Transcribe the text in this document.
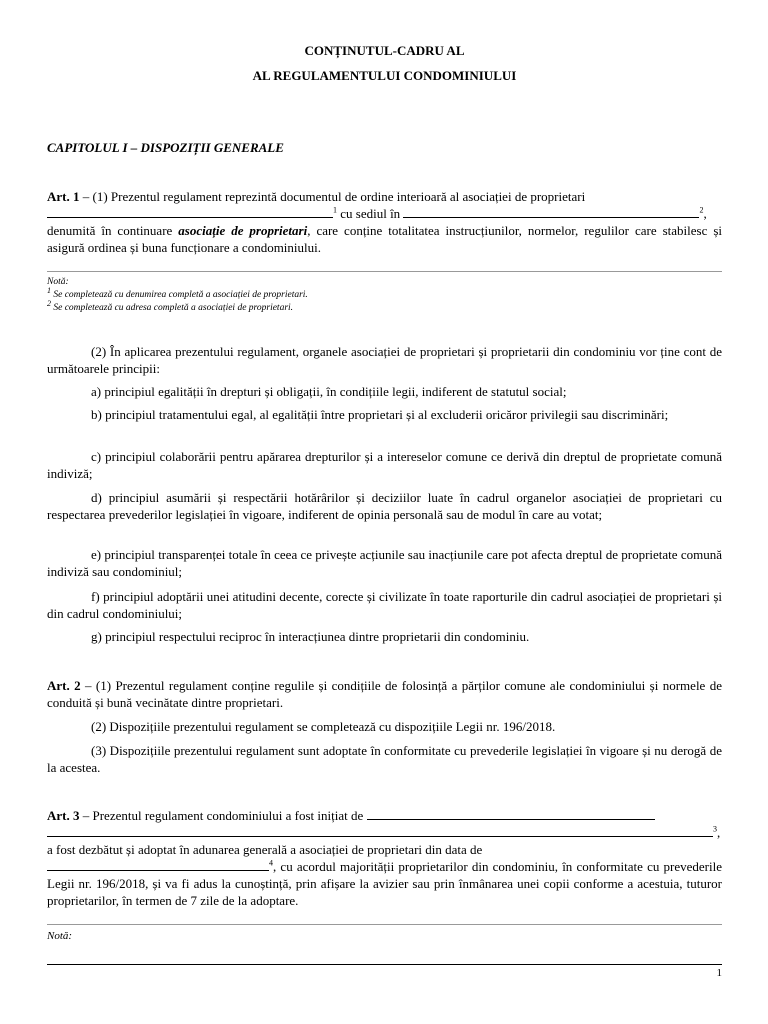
CONȚINUTUL-CADRU AL
AL REGULAMENTULUI CONDOMINIULUI
CAPITOLUL I – DISPOZIȚII GENERALE
Art. 1 – (1) Prezentul regulament reprezintă documentul de ordine interioară al asociației de proprietari
$^1$ cu sediul în	$^2$,
denumită în continuare asociație de proprietari, care conține totalitatea instrucțiunilor, normelor, regulilor care stabilesc și asigură ordinea și buna funcționare a condominiului.
Notă:
$^1$ Se completează cu denumirea completă a asociației de proprietari.
$^2$ Se completează cu adresa completă a asociației de proprietari.
(2) În aplicarea prezentului regulament, organele asociației de proprietari și proprietarii din condominiu vor ține cont de următoarele principii:
a) principiul egalității în drepturi și obligații, în condițiile legii, indiferent de statutul social;
b) principiul tratamentului egal, al egalității între proprietari și al excluderii oricăror privilegii sau discriminări;
c) principiul colaborării pentru apărarea drepturilor și a intereselor comune ce derivă din dreptul de proprietate comună indiviză;
d) principiul asumării și respectării hotărârilor și deciziilor luate în cadrul organelor asociației de proprietari cu respectarea prevederilor legislației în vigoare, indiferent de opinia personală sau de modul în care au votat;
e) principiul transparenței totale în ceea ce privește acțiunile sau inacțiunile care pot afecta dreptul de proprietate comună indiviză sau condominiul;
f) principiul adoptării unei atitudini decente, corecte și civilizate în toate raporturile din cadrul asociației de proprietari și din cadrul condominiului;
g) principiul respectului reciproc în interacțiunea dintre proprietarii din condominiu.
Art. 2 – (1) Prezentul regulament conține regulile și condițiile de folosință a părților comune ale condominiului și normele de conduită și bună vecinătate dintre proprietari.
(2) Dispozițiile prezentului regulament se completează cu dispozițiile Legii nr. 196/2018.
(3) Dispozițiile prezentului regulament sunt adoptate în conformitate cu prevederile legislației în vigoare și nu derogă de la acestea.
Art. 3 – Prezentul regulament condominiului a fost inițiat de
$^3$,
a fost dezbătut și adoptat în adunarea generală a asociației de proprietari din data de
$^4$, cu acordul majorității proprietarilor din condominiu, în conformitate cu prevederile Legii nr. 196/2018, și va fi adus la cunoștință, prin afișare la avizier sau prin înmânarea unei copii conforme a acestuia, tuturor proprietarilor, în termen de 7 zile de la adoptare.
Notă:
1
